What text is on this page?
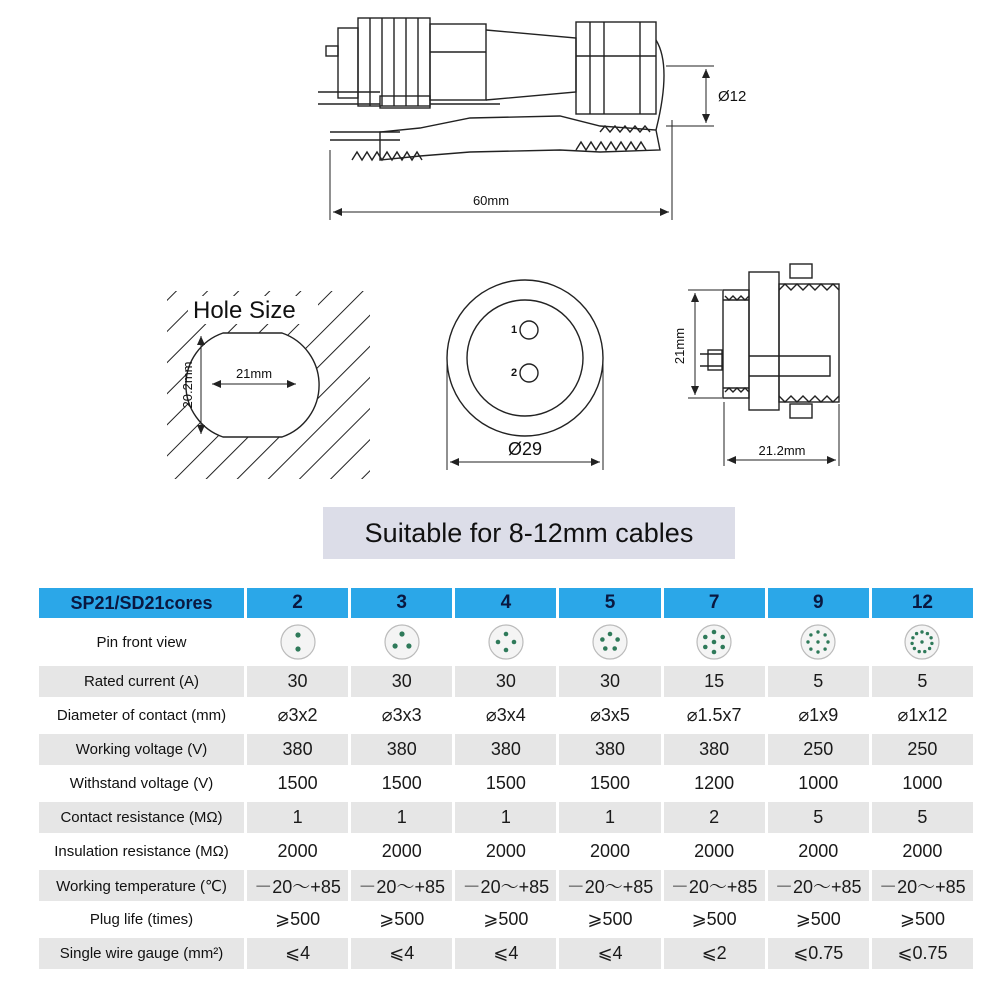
60mm
Ø12
Hole Size
21mm
20.2mm
1
2
Ø29
21mm
21.2mm
Suitable for 8-12mm cables
SP21/SD21cores	2	3	4	5	7	9	12
Pin front view							
Rated current (A)	30	30	30	30	15	5	5
Diameter of contact (mm)	⌀3x2	⌀3x3	⌀3x4	⌀3x5	⌀1.5x7	⌀1x9	⌀1x12
Working voltage (V)	380	380	380	380	380	250	250
Withstand voltage (V)	1500	1500	1500	1500	1200	1000	1000
Contact resistance (MΩ)	1	1	1	1	2	5	5
Insulation resistance (MΩ)	2000	2000	2000	2000	2000	2000	2000
Working temperature (℃)	－20～+85	－20～+85	－20～+85	－20～+85	－20～+85	－20～+85	－20～+85
Plug life (times)	⩾500	⩾500	⩾500	⩾500	⩾500	⩾500	⩾500
Single wire gauge (mm²)	⩽4	⩽4	⩽4	⩽4	⩽2	⩽0.75	⩽0.75
